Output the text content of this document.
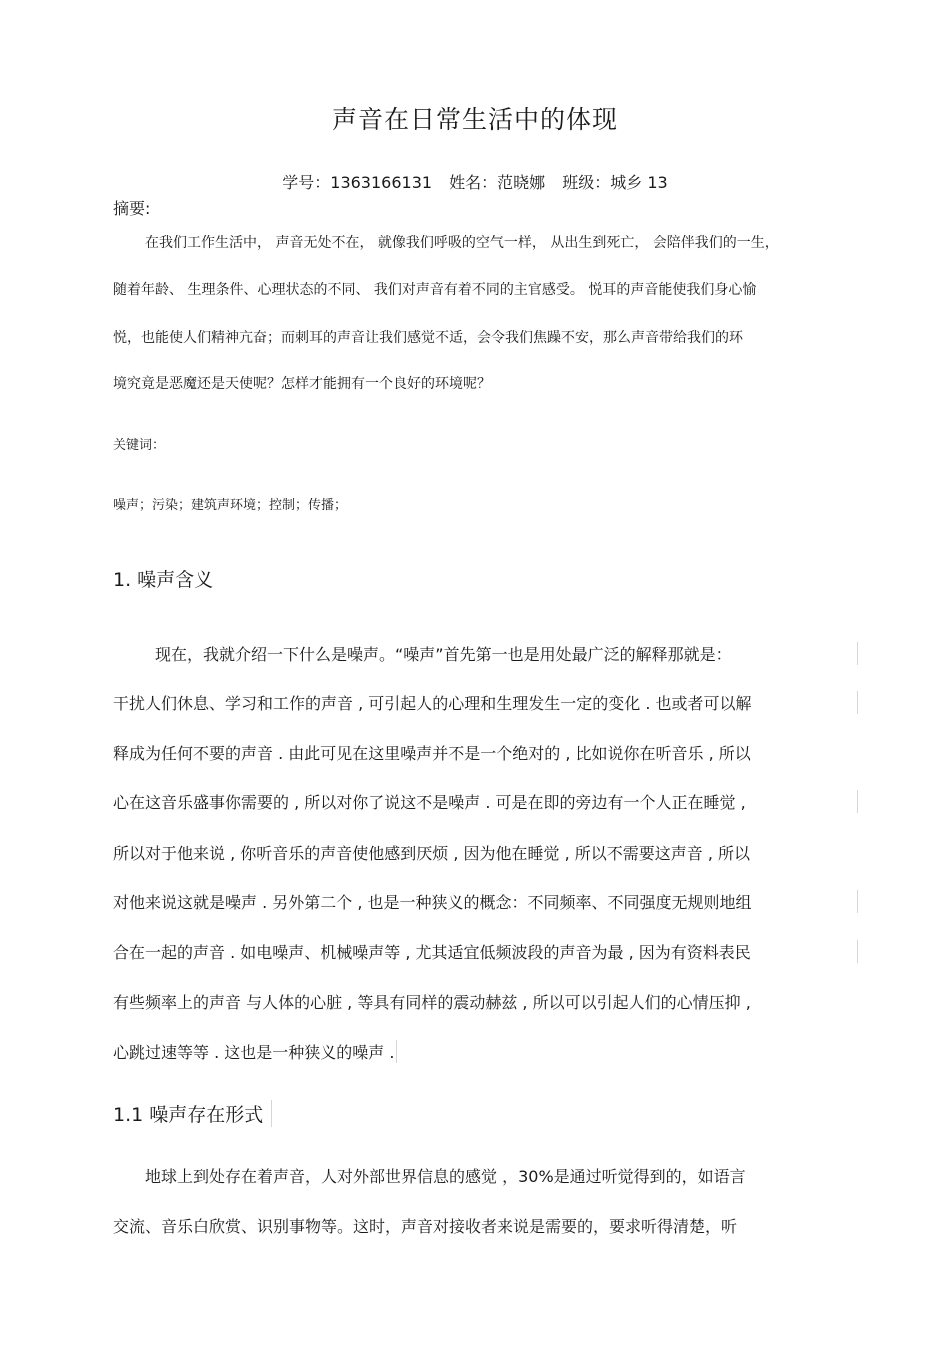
声音在日常生活中的体现
学号：1363166131 姓名：范晓娜 班级：城乡 13
摘要:
在我们工作生活中， 声音无处不在， 就像我们呼吸的空气一样， 从出生到死亡， 会陪伴我们的一生，
随着年龄、 生理条件、心理状态的不同、 我们对声音有着不同的主官感受。 悦耳的声音能使我们身心愉
悦，也能使人们精神亢奋；而刺耳的声音让我们感觉不适，会令我们焦躁不安，那么声音带给我们的环
境究竟是恶魔还是天使呢？怎样才能拥有一个良好的环境呢？
关键词：
噪声；污染；建筑声环境；控制；传播；
1. 噪声含义
现在，我就介绍一下什么是噪声。“噪声”首先第一也是用处最广泛的解释那就是：
干扰人们休息、学习和工作的声音 , 可引起人的心理和生理发生一定的变化 . 也或者可以解
释成为任何不要的声音 . 由此可见在这里噪声并不是一个绝对的 , 比如说你在听音乐 , 所以
心在这音乐盛事你需要的 , 所以对你了说这不是噪声 . 可是在即的旁边有一个人正在睡觉 ,
所以对于他来说 , 你听音乐的声音使他感到厌烦 , 因为他在睡觉 , 所以不需要这声音 , 所以
对他来说这就是噪声 . 另外第二个 , 也是一种狭义的概念：不同频率、不同强度无规则地组
合在一起的声音 . 如电噪声、机械噪声等 , 尤其适宜低频波段的声音为最 , 因为有资料表民
有些频率上的声音 与人体的心脏 , 等具有同样的震动赫兹 , 所以可以引起人们的心情压抑 ,
心跳过速等等 . 这也是一种狭义的噪声 .
1.1 噪声存在形式
地球上到处存在着声音，人对外部世界信息的感觉 ，30%是通过听觉得到的，如语言
交流、音乐白欣赏、识别事物等。这时，声音对接收者来说是需要的，要求听得清楚，听
